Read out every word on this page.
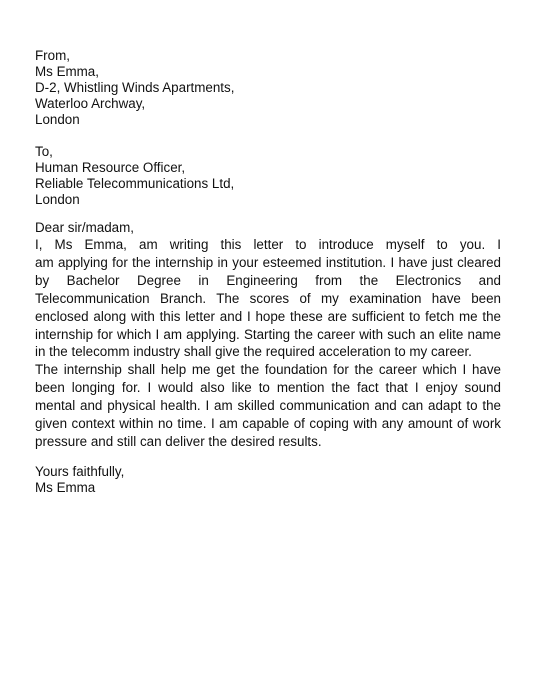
From,
Ms Emma,
D-2, Whistling Winds Apartments,
Waterloo Archway,
London
To,
Human Resource Officer,
Reliable Telecommunications Ltd,
London
Dear sir/madam,
I, Ms Emma, am writing this letter to introduce myself to you. I
am applying for the internship in your esteemed institution. I have just cleared
by Bachelor Degree in Engineering from the Electronics and
Telecommunication Branch. The scores of my examination have been
enclosed along with this letter and I hope these are sufficient to fetch me the
internship for which I am applying. Starting the career with such an elite name
in the telecomm industry shall give the required acceleration to my career.
The internship shall help me get the foundation for the career which I have
been longing for. I would also like to mention the fact that I enjoy sound
mental and physical health. I am skilled communication and can adapt to the
given context within no time. I am capable of coping with any amount of work
pressure and still can deliver the desired results.
Yours faithfully,
Ms Emma
